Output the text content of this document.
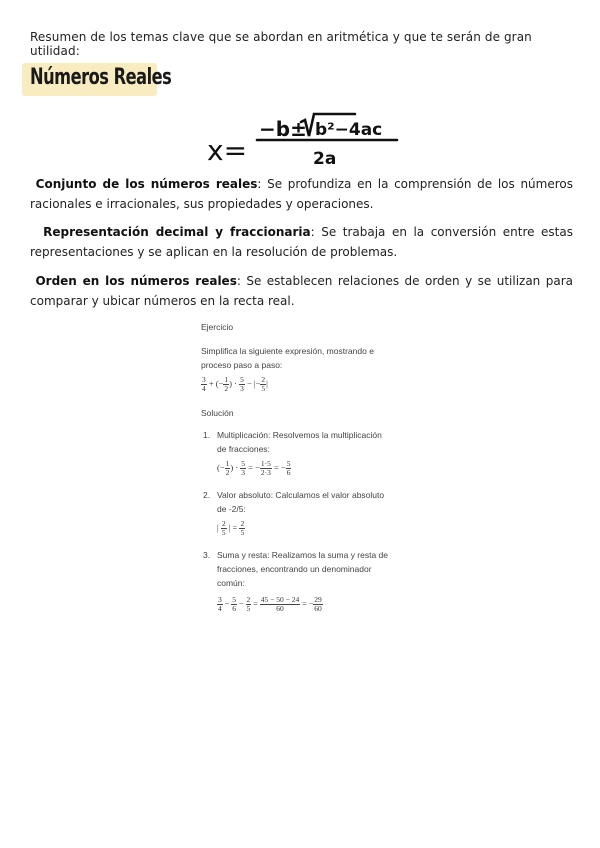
Resumen de los temas clave que se abordan en aritmética y que te serán de gran utilidad:
Números Reales
x=
−b± b²−4ac
2a
Conjunto de los números reales: Se profundiza en la comprensión de los números racionales e irracionales, sus propiedades y operaciones.
Representación decimal y fraccionaria: Se trabaja en la conversión entre estas representaciones y se aplican en la resolución de problemas.
Orden en los números reales: Se establecen relaciones de orden y se utilizan para comparar y ubicar números en la recta real.
Ejercicio
Simplifica la siguiente expresión, mostrando e
proceso paso a paso:
$\frac{3}{4}$ + (− $\frac{1}{2}$ ) · $\frac{5}{3}$ − |− $\frac{2}{5}$ |
Solución
1. Multiplicación: Resolvemos la multiplicación
de fracciones:
(− $\frac{1}{2}$ ) · $\frac{5}{3}$ = − $\frac{1\cdot 5}{2\cdot 3}$ = − $\frac{5}{6}$
2. Valor absoluto: Calculamos el valor absoluto
de -2/5:
| $\frac{2}{5}$ | = $\frac{2}{5}$
3. Suma y resta: Realizamos la suma y resta de
fracciones, encontrando un denominador
común:
$\frac{3}{4} - \frac{5}{6} - \frac{2}{5} = \frac{45 - 50 - 24}{60}$ = − $\frac{29}{60}$
